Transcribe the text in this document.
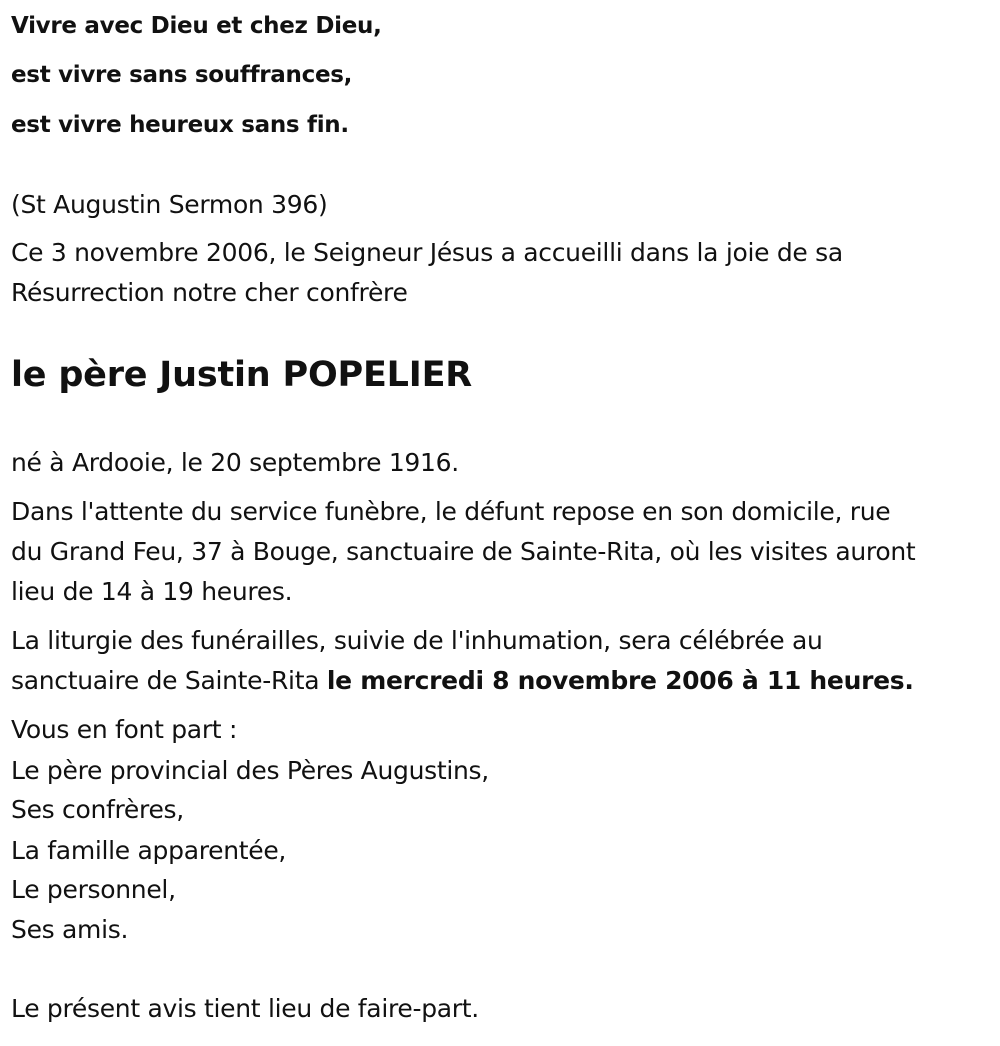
Vivre avec Dieu et chez Dieu,

est vivre sans souffrances,

est vivre heureux sans fin.

(St Augustin Sermon 396)

Ce 3 novembre 2006, le Seigneur Jésus a accueilli dans la joie de sa

Résurrection notre cher confrère

le père Justin POPELIER

né à Ardooie, le 20 septembre 1916.

Dans l'attente du service funèbre, le défunt repose en son domicile, rue

du Grand Feu, 37 à Bouge, sanctuaire de Sainte-Rita, où les visites auront

lieu de 14 à 19 heures.

La liturgie des funérailles, suivie de l'inhumation, sera célébrée au

sanctuaire de Sainte-Rita le mercredi 8 novembre 2006 à 11 heures.

Vous en font part :

Le père provincial des Pères Augustins,

Ses confrères,

La famille apparentée,

Le personnel,

Ses amis.

Le présent avis tient lieu de faire-part.
